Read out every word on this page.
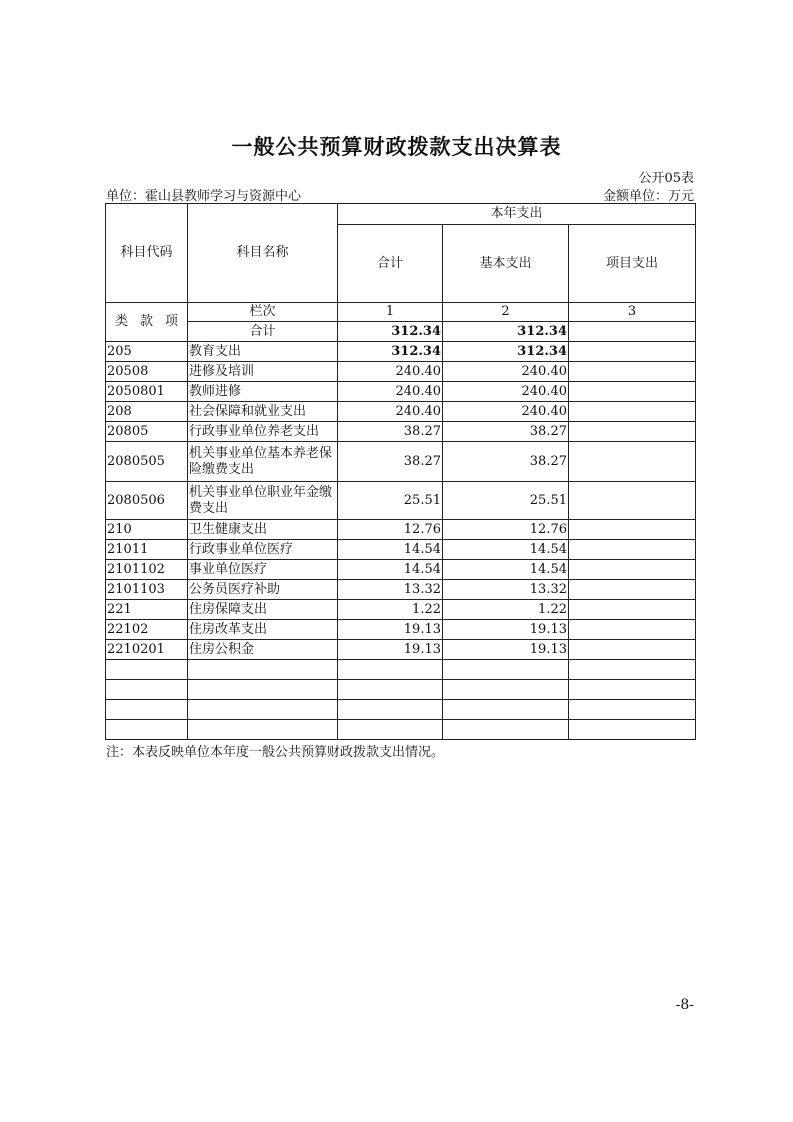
一般公共预算财政拨款支出决算表
公开05表
单位：霍山县教师学习与资源中心	金额单位：万元
科目代码	科目名称	本年支出		
		合计	基本支出	项目支出

类 款 项	栏次	1	2	3
	合计	312.34	312.34	
205	教育支出	312.34	312.34	
20508	进修及培训	240.40	240.40	
2050801	教师进修	240.40	240.40	
208	社会保障和就业支出	240.40	240.40	
20805	行政事业单位养老支出	38.27	38.27	
2080505	机关事业单位基本养老保险缴费支出	38.27	38.27	
2080506	机关事业单位职业年金缴费支出	25.51	25.51	
210	卫生健康支出	12.76	12.76	
21011	行政事业单位医疗	14.54	14.54	
2101102	事业单位医疗	14.54	14.54	
2101103	公务员医疗补助	13.32	13.32	
221	住房保障支出	1.22	1.22	
22102	住房改革支出	19.13	19.13	
2210201	住房公积金	19.13	19.13	

注：本表反映单位本年度一般公共预算财政拨款支出情况。
-8-
